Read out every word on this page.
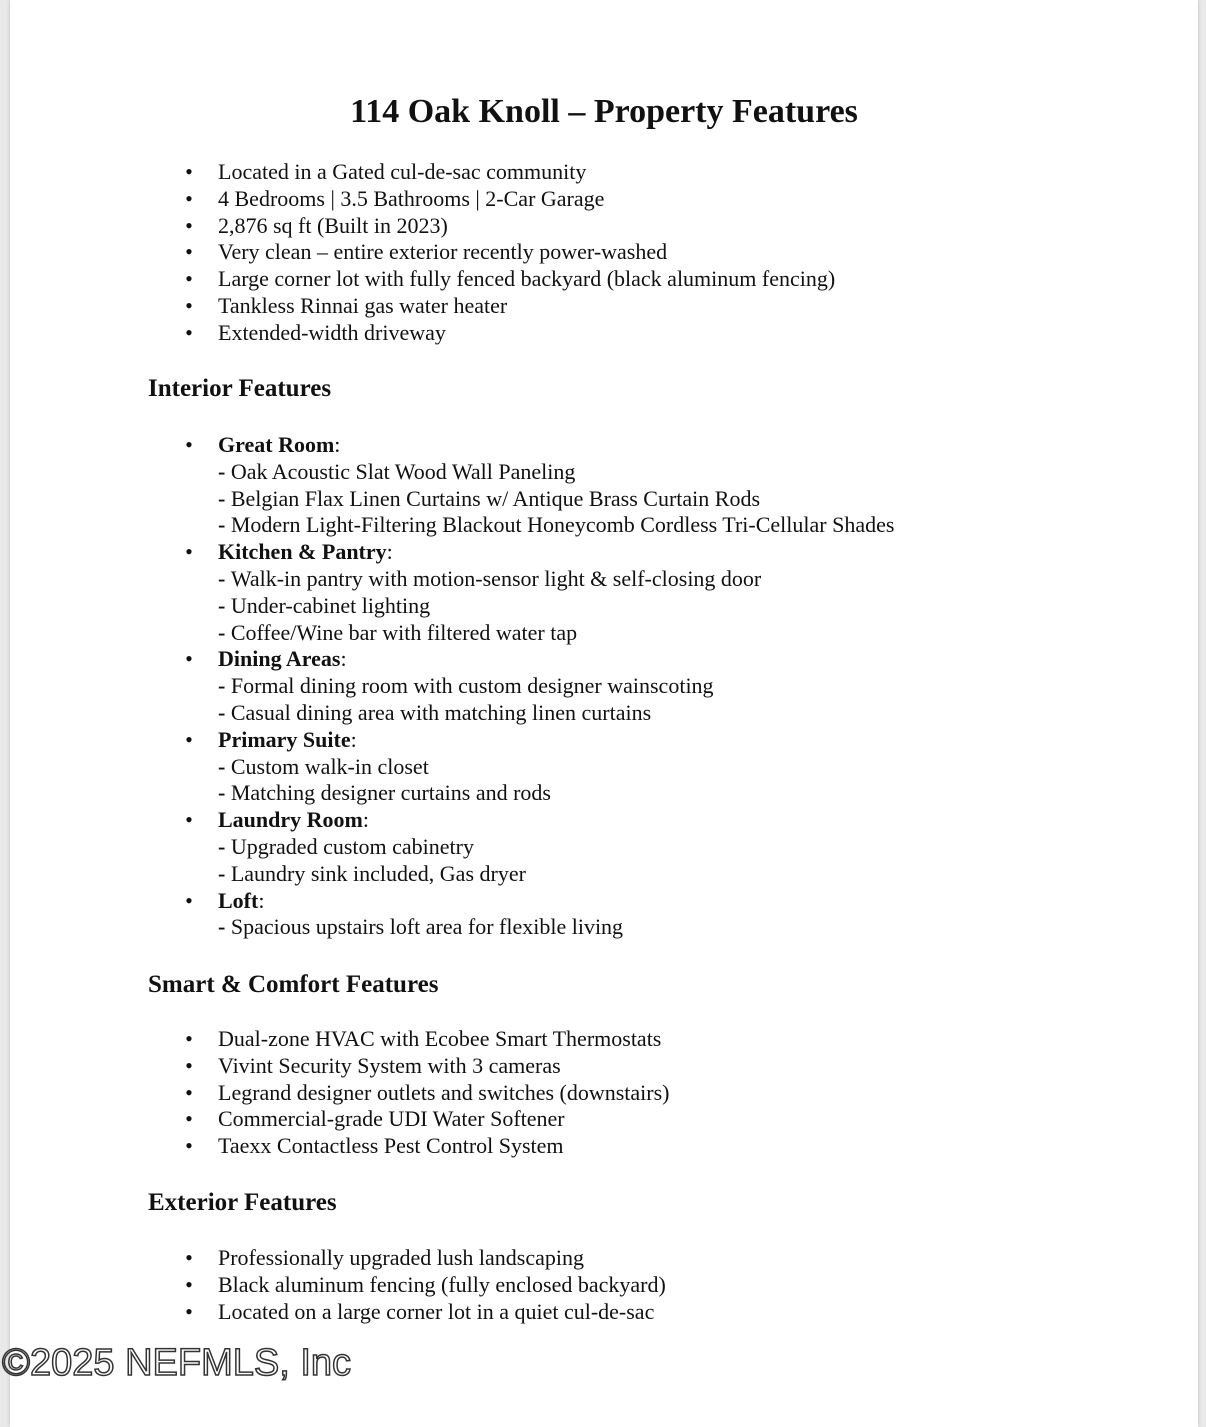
114 Oak Knoll – Property Features
• Located in a Gated cul-de-sac community
• 4 Bedrooms | 3.5 Bathrooms | 2-Car Garage
• 2,876 sq ft (Built in 2023)
• Very clean – entire exterior recently power-washed
• Large corner lot with fully fenced backyard (black aluminum fencing)
• Tankless Rinnai gas water heater
• Extended-width driveway
Interior Features
• Great Room:
- Oak Acoustic Slat Wood Wall Paneling
- Belgian Flax Linen Curtains w/ Antique Brass Curtain Rods
- Modern Light-Filtering Blackout Honeycomb Cordless Tri-Cellular Shades
• Kitchen & Pantry:
- Walk-in pantry with motion-sensor light & self-closing door
- Under-cabinet lighting
- Coffee/Wine bar with filtered water tap
• Dining Areas:
- Formal dining room with custom designer wainscoting
- Casual dining area with matching linen curtains
• Primary Suite:
- Custom walk-in closet
- Matching designer curtains and rods
• Laundry Room:
- Upgraded custom cabinetry
- Laundry sink included, Gas dryer
• Loft:
- Spacious upstairs loft area for flexible living
Smart & Comfort Features
• Dual-zone HVAC with Ecobee Smart Thermostats
• Vivint Security System with 3 cameras
• Legrand designer outlets and switches (downstairs)
• Commercial-grade UDI Water Softener
• Taexx Contactless Pest Control System
Exterior Features
• Professionally upgraded lush landscaping
• Black aluminum fencing (fully enclosed backyard)
• Located on a large corner lot in a quiet cul-de-sac
©2025 NEFMLS, Inc
